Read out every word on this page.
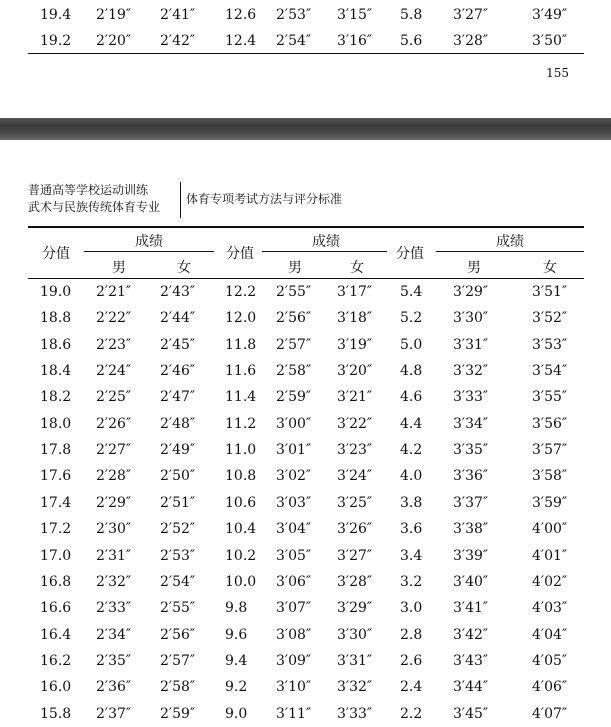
19.4 2′19″ 2′41″ 12.6 2′53″ 3′15″ 5.8 3′27″	3′49″
19.2 2′20″ 2′42″ 12.4 2′54″ 3′16″ 5.6 3′28″	3′50″
155
普通高等学校运动训练
武术与民族传统体育专业
体育专项考试方法与评分标准
分值
成绩
男	女
分值
成绩
男	女
分值
成绩
男	女
19.0 2′21″ 2′43″ 12.2 2′55″ 3′17″ 5.4 3′29″	3′51″
18.8 2′22″ 2′44″ 12.0 2′56″ 3′18″ 5.2 3′30″	3′52″
18.6 2′23″ 2′45″ 11.8 2′57″ 3′19″ 5.0 3′31″	3′53″
18.4 2′24″ 2′46″ 11.6 2′58″ 3′20″ 4.8 3′32″	3′54″
18.2 2′25″ 2′47″ 11.4 2′59″ 3′21″ 4.6 3′33″	3′55″
18.0 2′26″ 2′48″ 11.2 3′00″ 3′22″ 4.4 3′34″	3′56″
17.8 2′27″ 2′49″ 11.0 3′01″ 3′23″ 4.2 3′35″	3′57″
17.6 2′28″ 2′50″ 10.8 3′02″ 3′24″ 4.0 3′36″	3′58″
17.4 2′29″ 2′51″ 10.6 3′03″ 3′25″ 3.8 3′37″	3′59″
17.2 2′30″ 2′52″ 10.4 3′04″ 3′26″ 3.6 3′38″	4′00″
17.0 2′31″ 2′53″ 10.2 3′05″ 3′27″ 3.4 3′39″	4′01″
16.8 2′32″ 2′54″ 10.0 3′06″ 3′28″ 3.2 3′40″	4′02″
16.6 2′33″ 2′55″ 9.8 3′07″ 3′29″ 3.0 3′41″	4′03″
16.4 2′34″ 2′56″ 9.6 3′08″ 3′30″ 2.8 3′42″	4′04″
16.2 2′35″ 2′57″ 9.4 3′09″ 3′31″ 2.6 3′43″	4′05″
16.0 2′36″ 2′58″ 9.2 3′10″ 3′32″ 2.4 3′44″	4′06″
15.8 2′37″ 2′59″ 9.0 3′11″ 3′33″ 2.2 3′45″	4′07″
